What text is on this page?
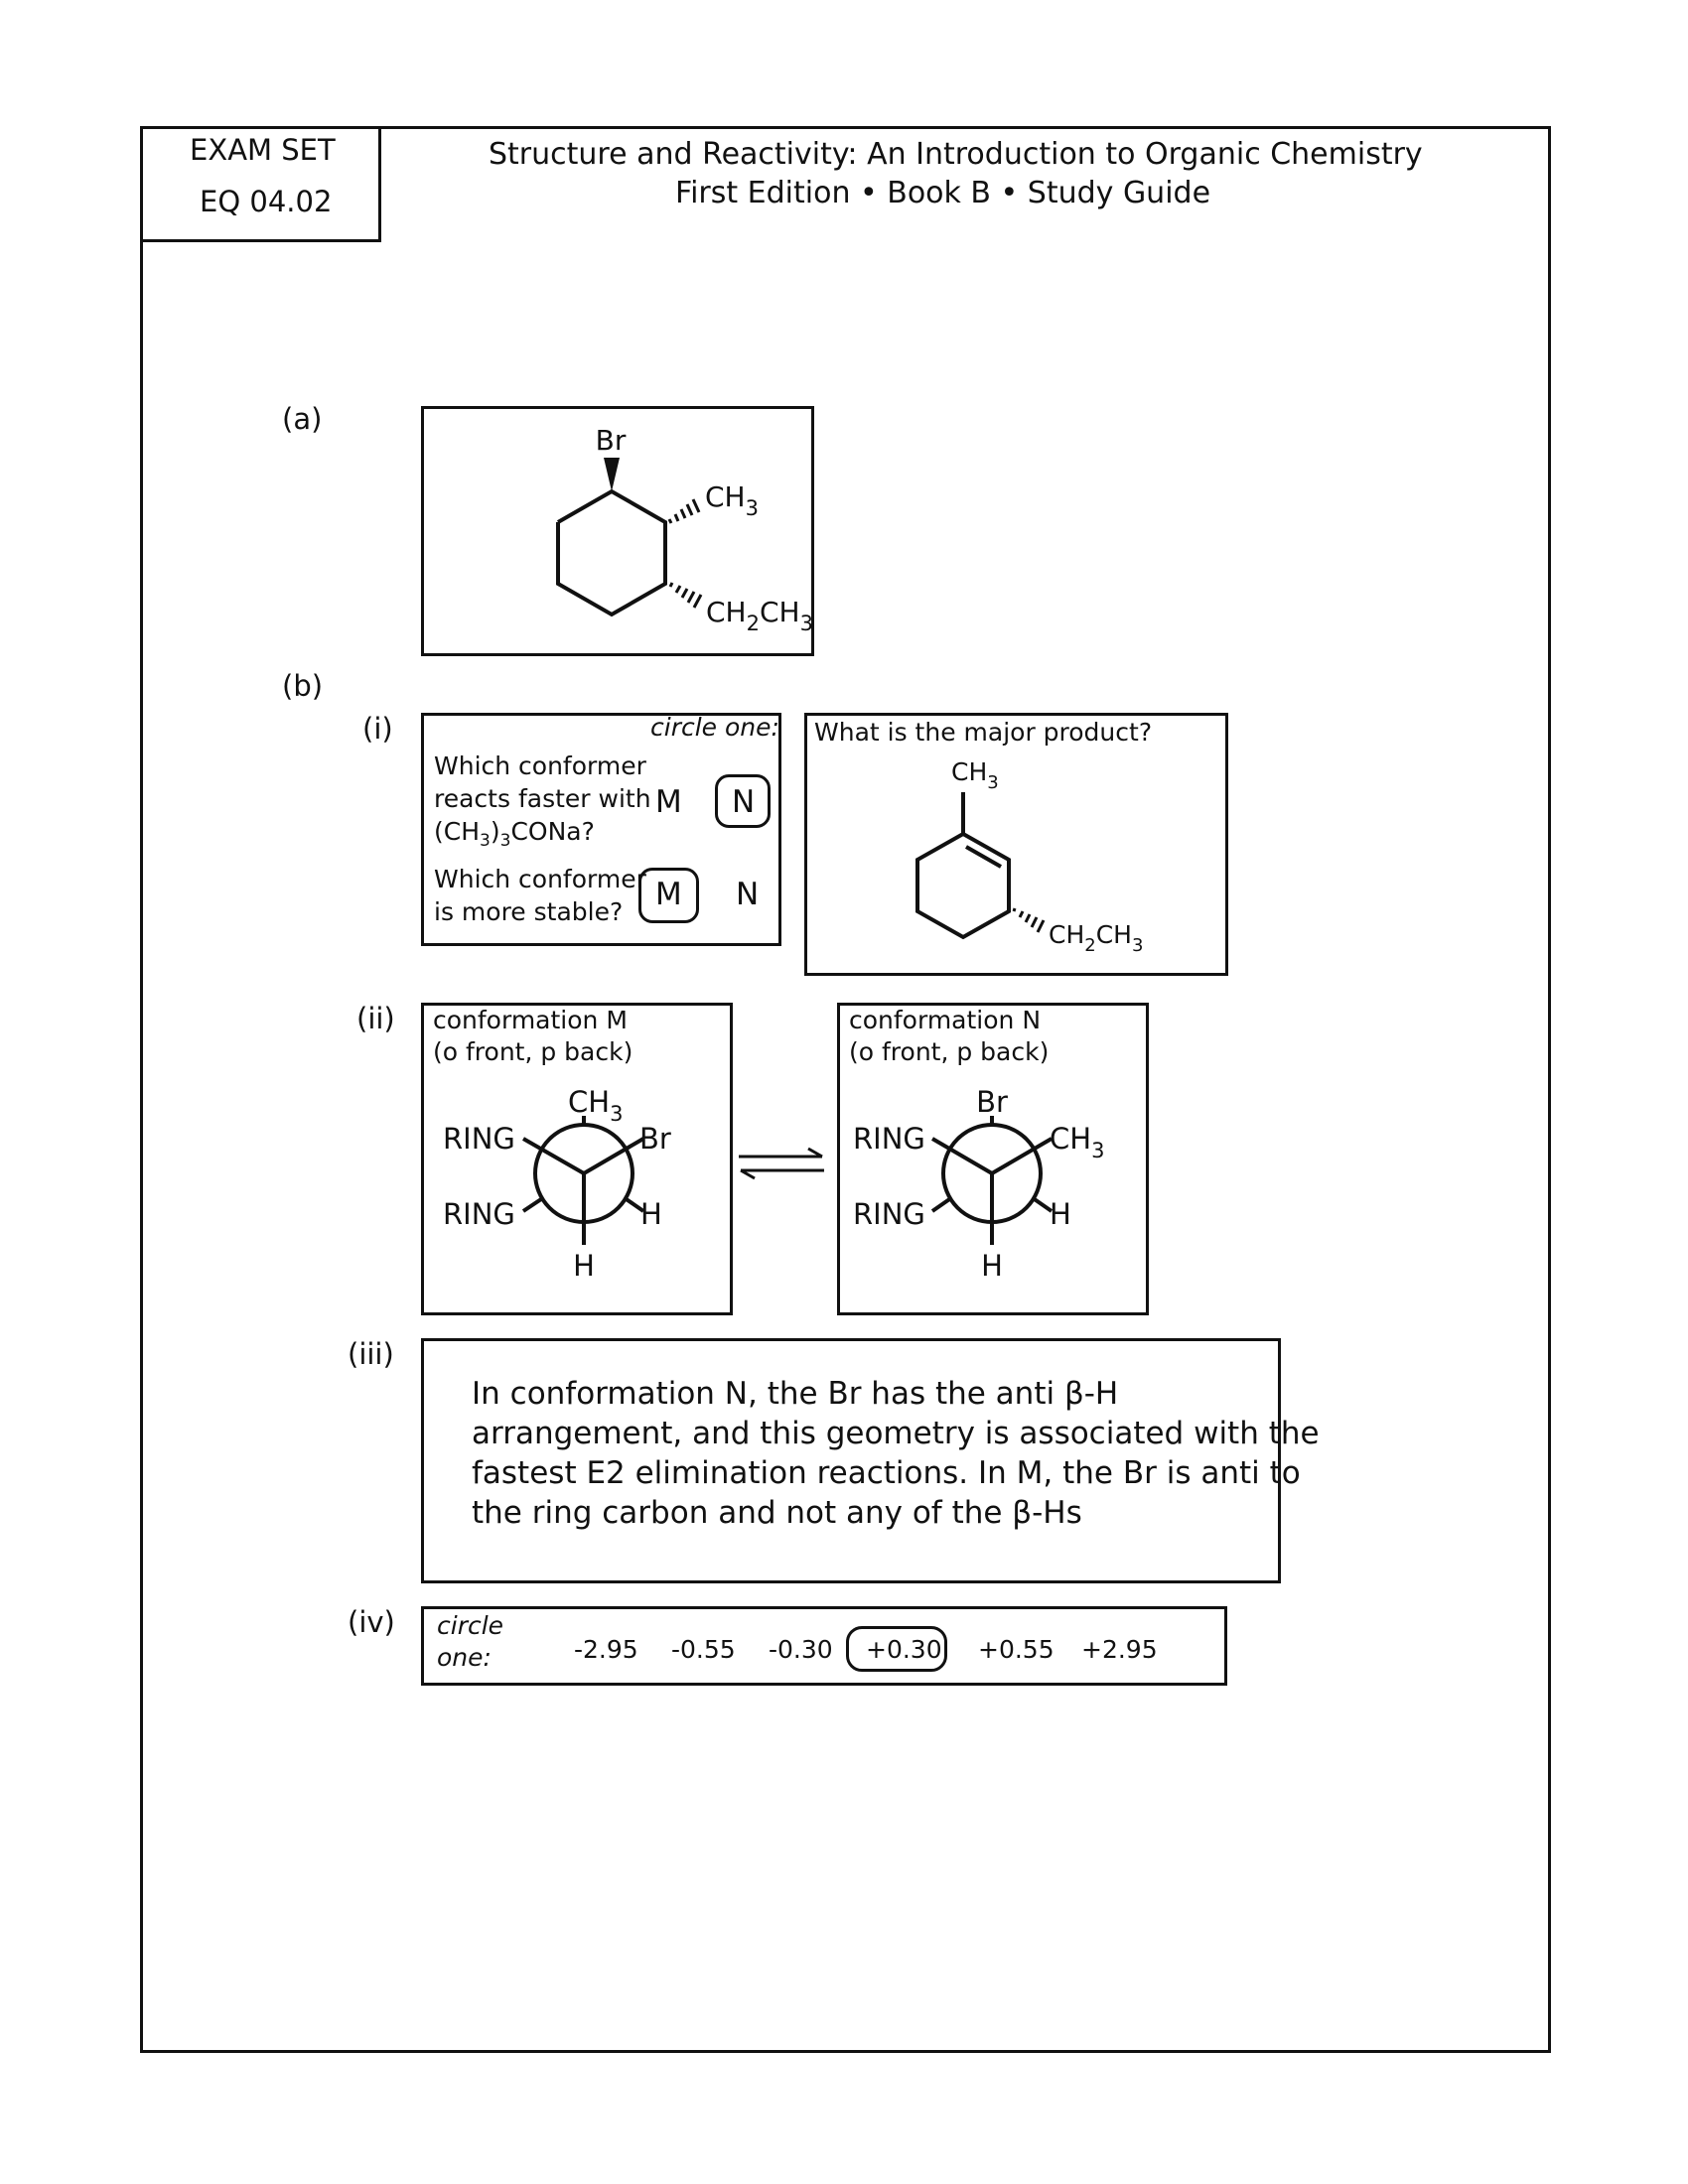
EXAM SET
EQ 04.02
Structure and Reactivity: An Introduction to Organic Chemistry
First Edition • Book B • Study Guide
(a)
Br
$CH_3$
$CH_2CH_3$
(b)
(i)	circle one:
Which conformer
reacts faster with
$(CH_3)_3CONa$?
M N
Which conformer
is more stable? M N
What is the major product?
$CH_3$
$CH_2CH_3$
(ii) conformation M
(o front, p back)
$CH_3$
RING	Br
RING	H
H
conformation N
(o front, p back)
Br
RING	$CH_3$
RING	H
H
(iii)
In conformation N, the Br has the anti β-H
arrangement, and this geometry is associated with the
fastest E2 elimination reactions. In M, the Br is anti to
the ring carbon and not any of the β-Hs
(iv) circle
one:	-2.95 -0.55 -0.30 +0.30 +0.55 +2.95
